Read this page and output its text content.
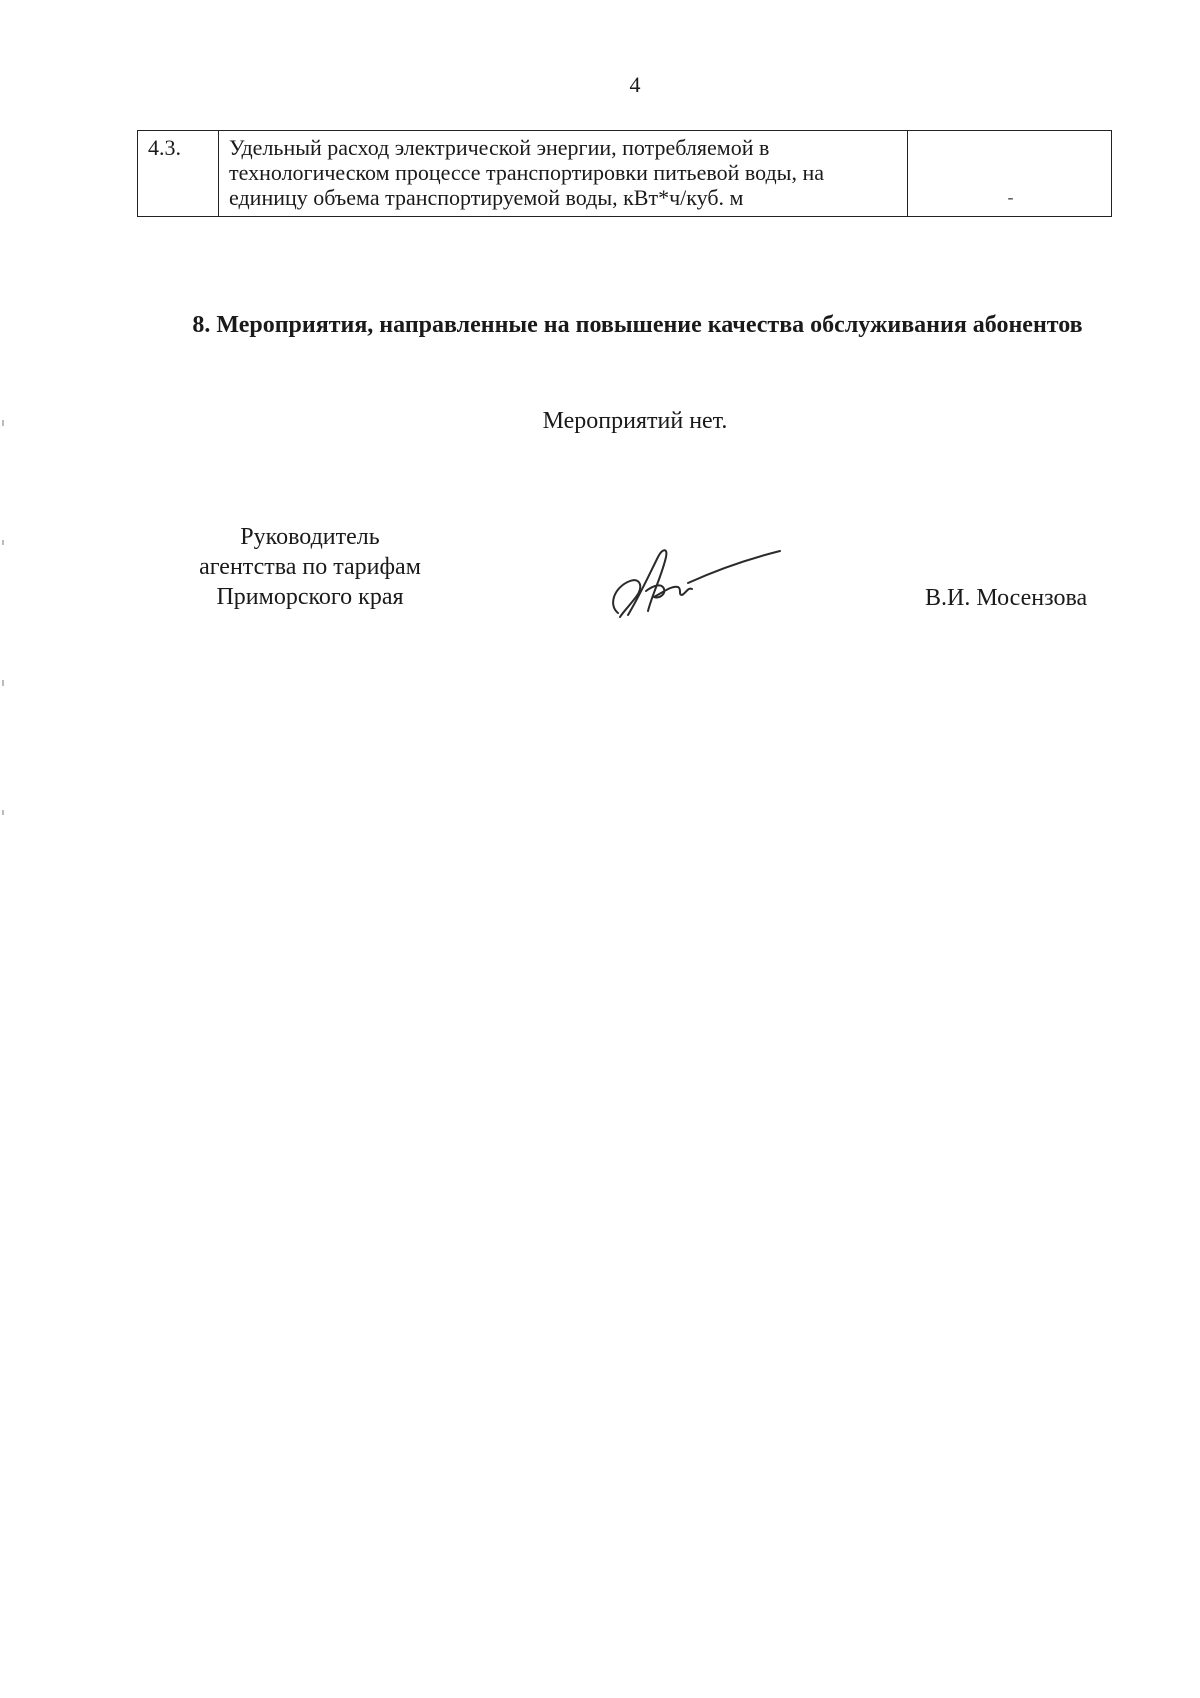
4
4.3.	Удельный расход электрической энергии, потребляемой в технологическом процессе транспортировки питьевой воды, на единицу объема транспортируемой воды, кВт*ч/куб. м	-
8. Мероприятия, направленные на повышение качества обслуживания абонентов
Мероприятий нет.
Руководитель
агентства по тарифам
Приморского края	В.И. Мосензова
